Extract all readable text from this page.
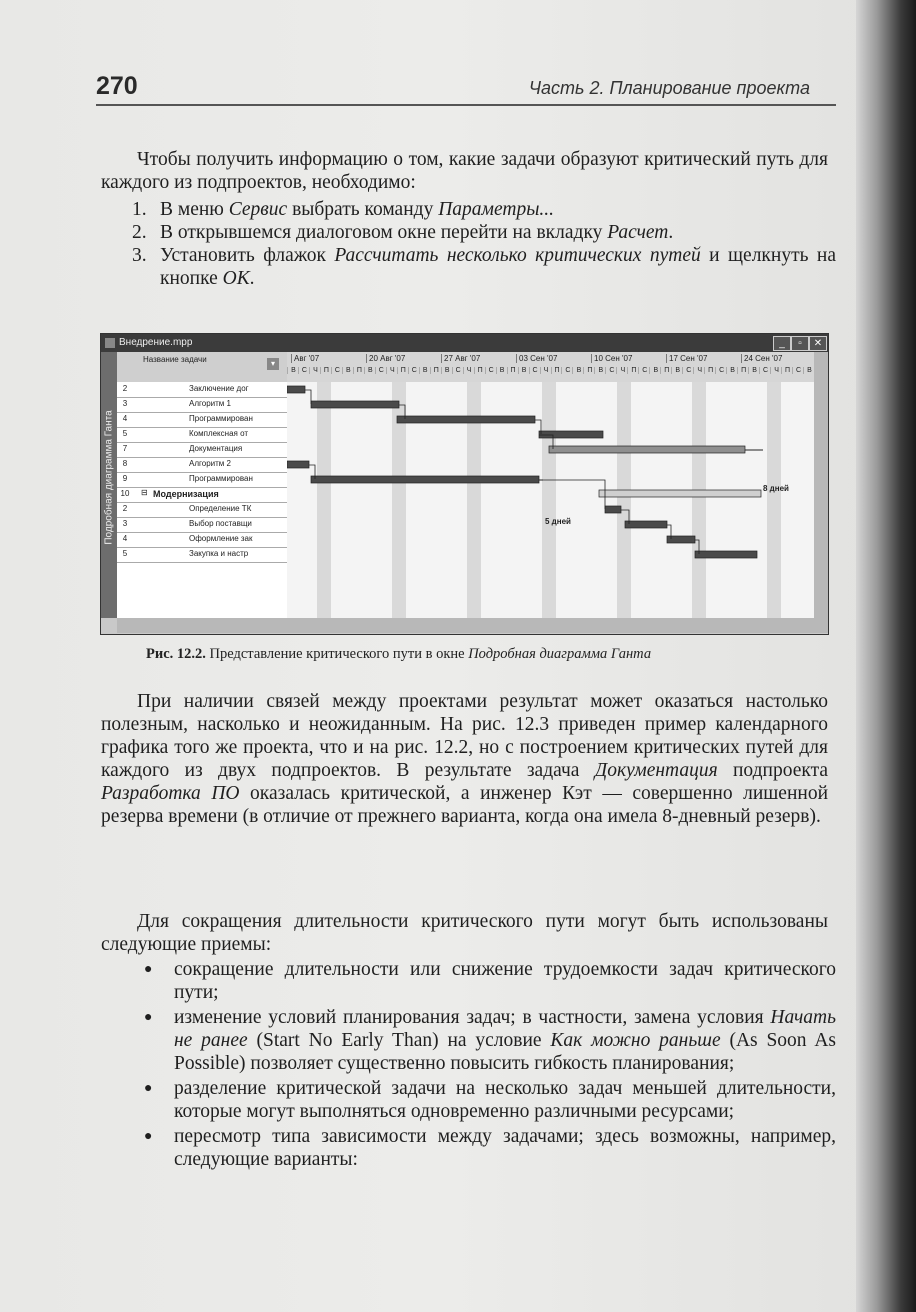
270	Часть 2. Планирование проекта

Чтобы получить информацию о том, какие задачи образуют критический путь для каждого из подпроектов, необходимо:

1. В меню Сервис выбрать команду Параметры...
2. В открывшемся диалоговом окне перейти на вкладку Расчет.
3. Установить флажок Рассчитать несколько критических путей и щелкнуть на кнопке ОК.
Внедрение.mpp	_	▫	✕
Подробная диаграмма Ганта
Название задачи	▾
Авг '07	20 Авг '07	27 Авг '07	03 Сен '07	10 Сен '07	17 Сен '07	24 Сен '07
В С Ч П С В П В С Ч П С В П В С Ч П С В П В С Ч П С В П В С Ч П С В П В С Ч П С В П В С Ч П С В
2	Заключение дог
3	Алгоритм 1
4	Программирован
5	Комплексная от
7	Документация
8	Алгоритм 2
9	Программирован
⊟
10	Модернизация
2	Определение ТК
3	Выбор поставщи
4	Оформление зак
5	Закупка и настр
8 дней
5 дней
Рис. 12.2. Представление критического пути в окне Подробная диаграмма Ганта

При наличии связей между проектами результат может оказаться настолько полезным, насколько и неожиданным. На рис. 12.3 приведен пример календарного графика того же проекта, что и на рис. 12.2, но с построением критических путей для каждого из двух подпроектов. В результате задача Документация подпроекта Разработка ПО оказалась критической, а инженер Кэт — совершенно лишенной резерва времени (в отличие от прежнего варианта, когда она имела 8-дневный резерв).

Для сокращения длительности критического пути могут быть использованы следующие приемы:

● сокращение длительности или снижение трудоемкости задач критического пути;
● изменение условий планирования задач; в частности, замена условия Начать не ранее (Start No Early Than) на условие Как можно раньше (As Soon As Possible) позволяет существенно повысить гибкость планирования;
● разделение критической задачи на несколько задач меньшей длительности, которые могут выполняться одновременно различными ресурсами;
● пересмотр типа зависимости между задачами; здесь возможны, например, следующие варианты:
